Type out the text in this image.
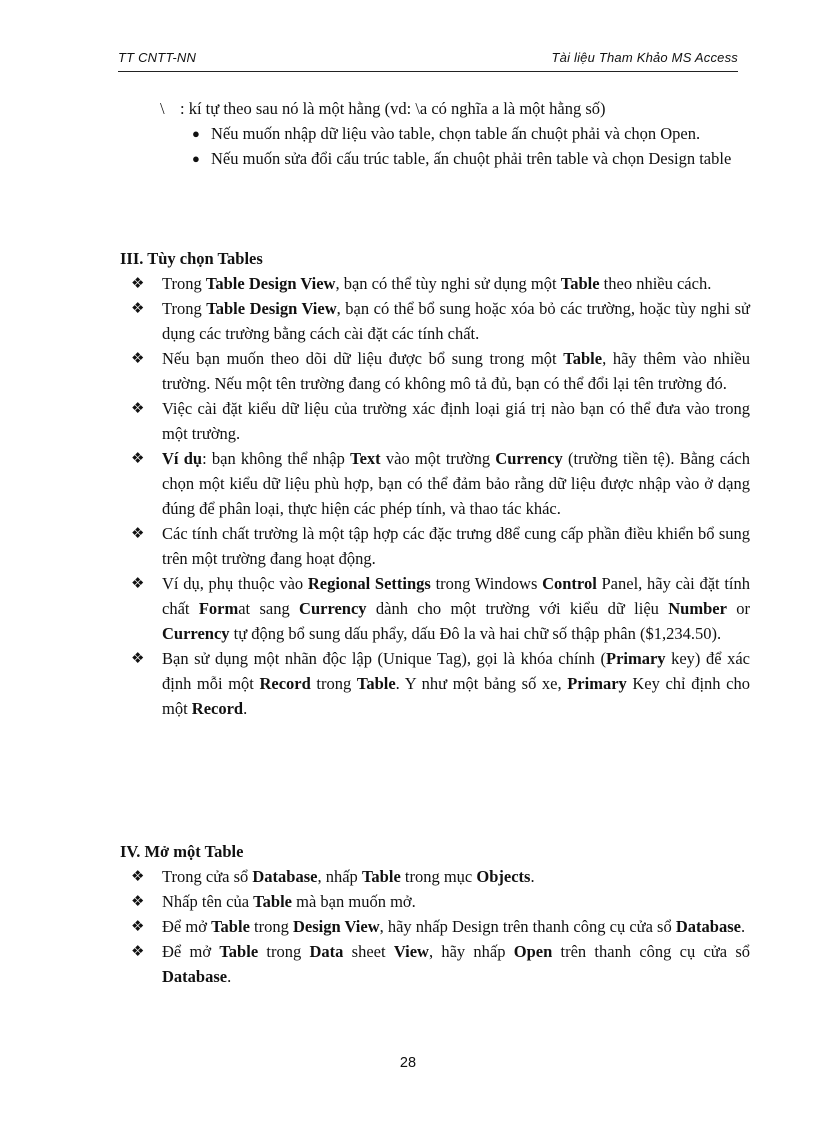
TT CNTT-NN	Tài liệu Tham Khảo MS Access
\ : kí tự theo sau nó là một hằng (vd: \a có nghĩa a là một hằng số)
● Nếu muốn nhập dữ liệu vào table, chọn table ấn chuột phải và chọn Open.
● Nếu muốn sửa đổi cấu trúc table, ấn chuột phải trên table và chọn Design table
III. Tùy chọn Tables
❖ Trong Table Design View, bạn có thể tùy nghi sử dụng một Table theo nhiều cách.
❖ Trong Table Design View, bạn có thể bổ sung hoặc xóa bỏ các trường, hoặc tùy nghi sử dụng các trường bằng cách cài đặt các tính chất.
❖ Nếu bạn muốn theo dõi dữ liệu được bổ sung trong một Table, hãy thêm vào nhiều trường. Nếu một tên trường đang có không mô tả đủ, bạn có thể đổi lại tên trường đó.
❖ Việc cài đặt kiểu dữ liệu của trường xác định loại giá trị nào bạn có thể đưa vào trong một trường.
❖ Ví dụ: bạn không thể nhập Text vào một trường Currency (trường tiền tệ). Bằng cách chọn một kiểu dữ liệu phù hợp, bạn có thể đảm bảo rằng dữ liệu được nhập vào ở dạng đúng để phân loại, thực hiện các phép tính, và thao tác khác.
❖ Các tính chất trường là một tập hợp các đặc trưng d8ể cung cấp phần điều khiển bổ sung trên một trường đang hoạt động.
❖ Ví dụ, phụ thuộc vào Regional Settings trong Windows Control Panel, hãy cài đặt tính chất Format sang Currency dành cho một trường với kiểu dữ liệu Number or Currency tự động bổ sung dấu phẩy, dấu Đô la và hai chữ số thập phân ($1,234.50).
❖ Bạn sử dụng một nhãn độc lập (Unique Tag), gọi là khóa chính (Primary key) để xác định mỗi một Record trong Table. Y như một bảng số xe, Primary Key chỉ định cho một Record.
IV. Mở một Table
❖ Trong cửa sổ Database, nhấp Table trong mục Objects.
❖ Nhấp tên của Table mà bạn muốn mở.
❖ Để mở Table trong Design View, hãy nhấp Design trên thanh công cụ cửa sổ Database.
❖ Để mở Table trong Data sheet View, hãy nhấp Open trên thanh công cụ cửa sổ Database.
28
